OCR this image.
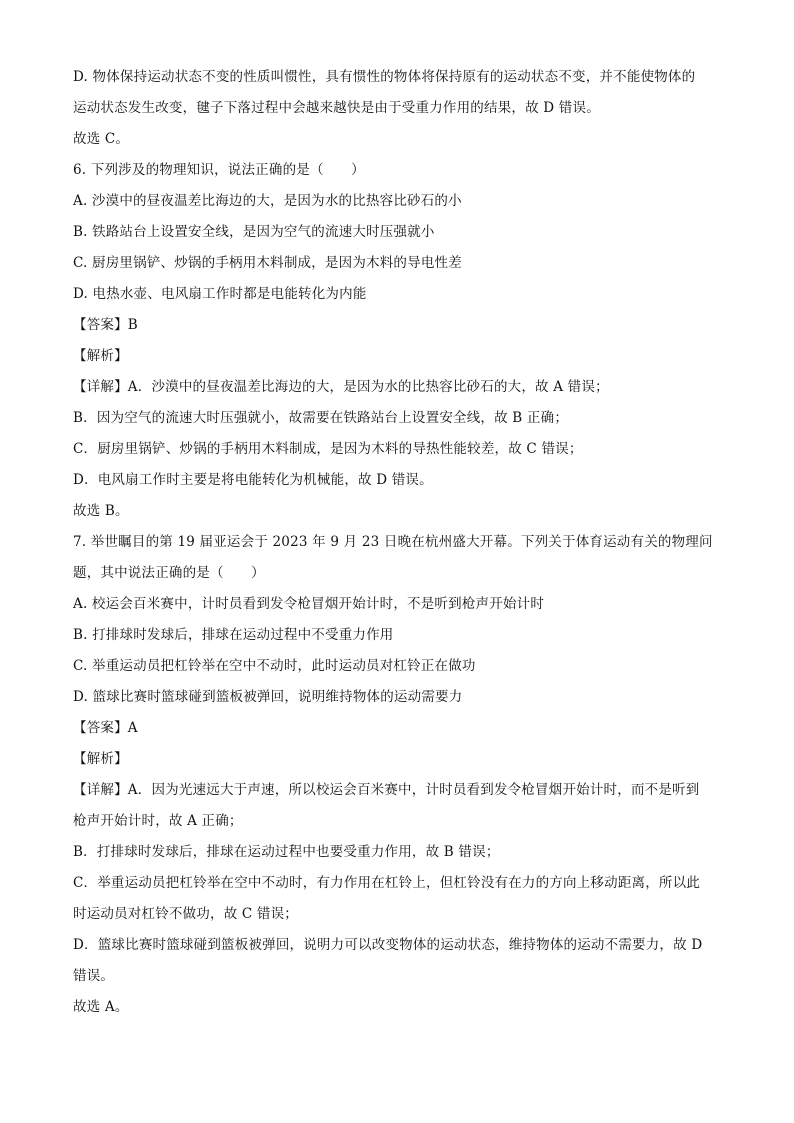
D. 物体保持运动状态不变的性质叫惯性，具有惯性的物体将保持原有的运动状态不变，并不能使物体的
运动状态发生改变，毽子下落过程中会越来越快是由于受重力作用的结果，故 D 错误。
故选 C。
6. 下列涉及的物理知识，说法正确的是（　　）
A. 沙漠中的昼夜温差比海边的大，是因为水的比热容比砂石的小
B. 铁路站台上设置安全线，是因为空气的流速大时压强就小
C. 厨房里锅铲、炒锅的手柄用木料制成，是因为木料的导电性差
D. 电热水壶、电风扇工作时都是电能转化为内能
【答案】B
【解析】
【详解】A．沙漠中的昼夜温差比海边的大，是因为水的比热容比砂石的大，故 A 错误；
B．因为空气的流速大时压强就小，故需要在铁路站台上设置安全线，故 B 正确；
C．厨房里锅铲、炒锅的手柄用木料制成，是因为木料的导热性能较差，故 C 错误；
D．电风扇工作时主要是将电能转化为机械能，故 D 错误。
故选 B。
7. 举世瞩目的第 19 届亚运会于 2023 年 9 月 23 日晚在杭州盛大开幕。下列关于体育运动有关的物理问
题，其中说法正确的是（　　）
A. 校运会百米赛中，计时员看到发令枪冒烟开始计时，不是听到枪声开始计时
B. 打排球时发球后，排球在运动过程中不受重力作用
C. 举重运动员把杠铃举在空中不动时，此时运动员对杠铃正在做功
D. 篮球比赛时篮球碰到篮板被弹回，说明维持物体的运动需要力
【答案】A
【解析】
【详解】A．因为光速远大于声速，所以校运会百米赛中，计时员看到发令枪冒烟开始计时，而不是听到
枪声开始计时，故 A 正确；
B．打排球时发球后，排球在运动过程中也要受重力作用，故 B 错误；
C．举重运动员把杠铃举在空中不动时，有力作用在杠铃上，但杠铃没有在力的方向上移动距离，所以此
时运动员对杠铃不做功，故 C 错误；
D．篮球比赛时篮球碰到篮板被弹回，说明力可以改变物体的运动状态，维持物体的运动不需要力，故 D
错误。
故选 A。
